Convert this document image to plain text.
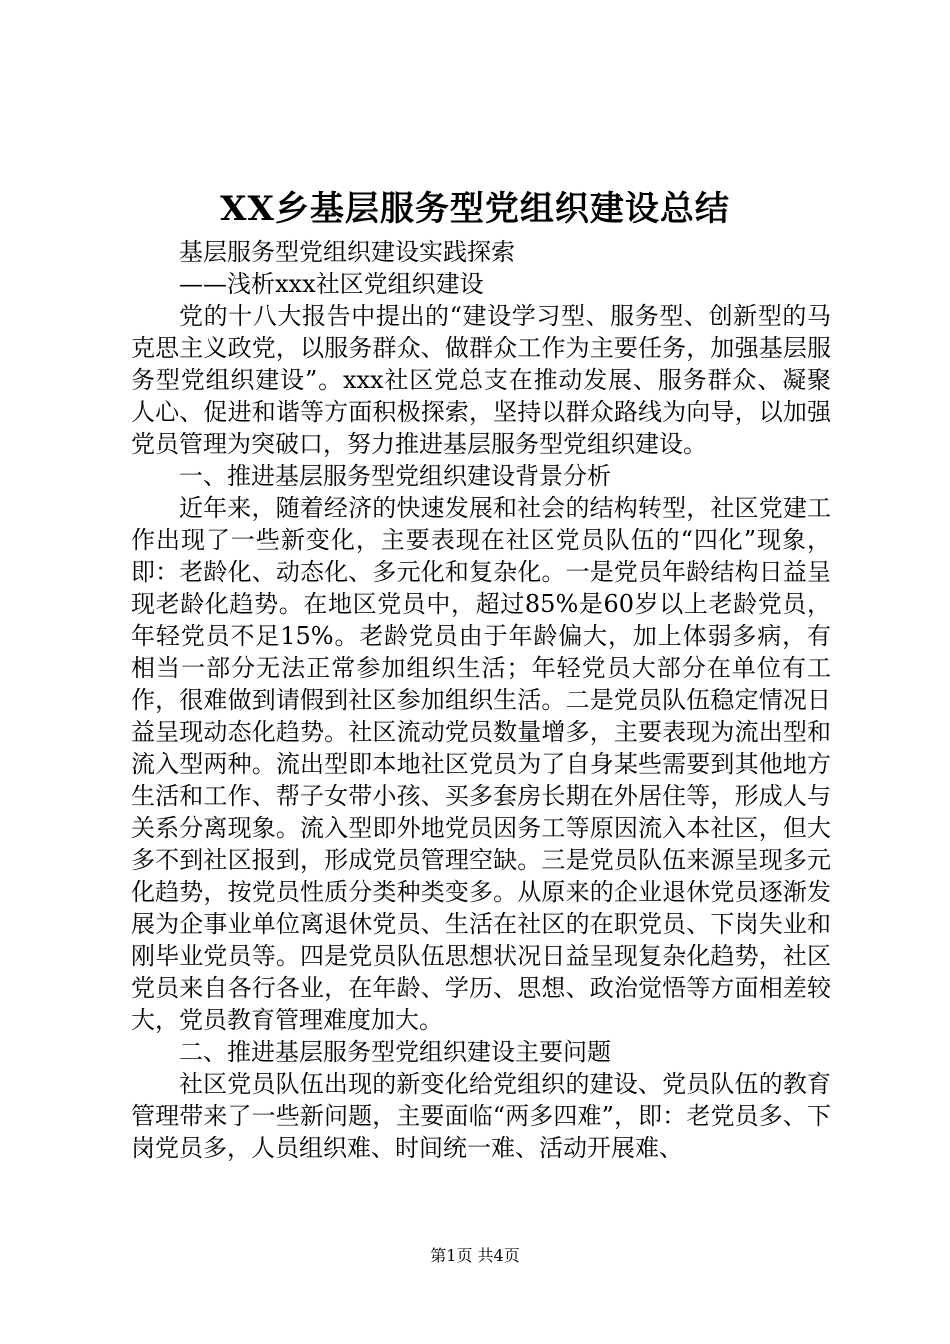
XX乡基层服务型党组织建设总结

基层服务型党组织建设实践探索

——浅析xxx社区党组织建设

党的十八大报告中提出的“建设学习型、服务型、创新型的马克思主义政党，以服务群众、做群众工作为主要任务，加强基层服务型党组织建设”。xxx社区党总支在推动发展、服务群众、凝聚人心、促进和谐等方面积极探索，坚持以群众路线为向导，以加强党员管理为突破口，努力推进基层服务型党组织建设。

一、推进基层服务型党组织建设背景分析

近年来，随着经济的快速发展和社会的结构转型，社区党建工作出现了一些新变化，主要表现在社区党员队伍的“四化”现象，即：老龄化、动态化、多元化和复杂化。一是党员年龄结构日益呈现老龄化趋势。在地区党员中，超过85%是60岁以上老龄党员，年轻党员不足15%。老龄党员由于年龄偏大，加上体弱多病，有相当一部分无法正常参加组织生活；年轻党员大部分在单位有工作，很难做到请假到社区参加组织生活。二是党员队伍稳定情况日益呈现动态化趋势。社区流动党员数量增多，主要表现为流出型和流入型两种。流出型即本地社区党员为了自身某些需要到其他地方生活和工作、帮子女带小孩、买多套房长期在外居住等，形成人与关系分离现象。流入型即外地党员因务工等原因流入本社区，但大多不到社区报到，形成党员管理空缺。三是党员队伍来源呈现多元化趋势，按党员性质分类种类变多。从原来的企业退休党员逐渐发展为企事业单位离退休党员、生活在社区的在职党员、下岗失业和刚毕业党员等。四是党员队伍思想状况日益呈现复杂化趋势，社区党员来自各行各业，在年龄、学历、思想、政治觉悟等方面相差较大，党员教育管理难度加大。

二、推进基层服务型党组织建设主要问题

社区党员队伍出现的新变化给党组织的建设、党员队伍的教育管理带来了一些新问题，主要面临“两多四难”，即：老党员多、下岗党员多，人员组织难、时间统一难、活动开展难、

第1页 共4页
